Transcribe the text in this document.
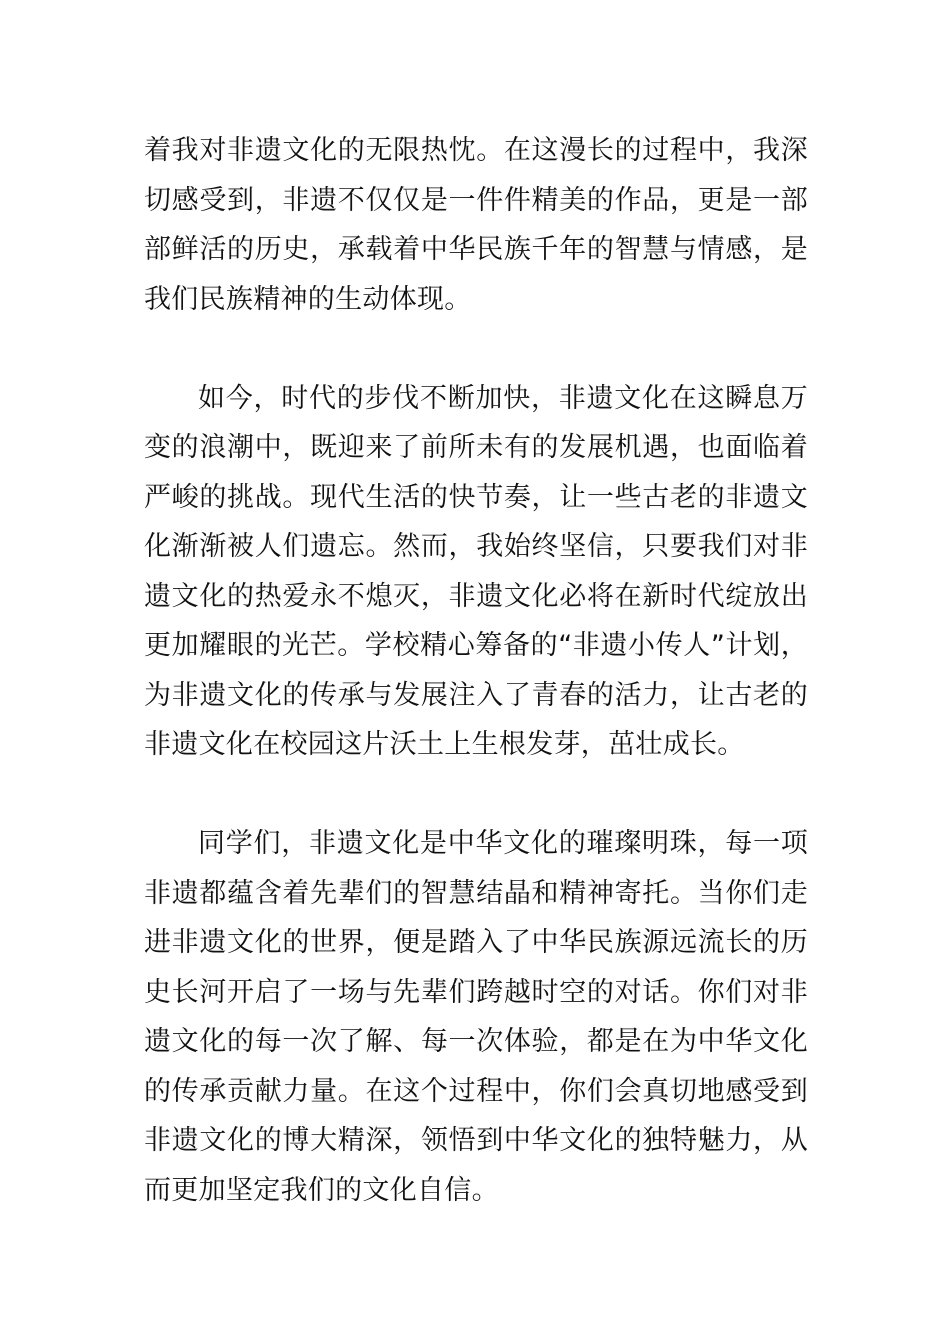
着我对非遗文化的无限热忱。在这漫长的过程中，我深切感受到，非遗不仅仅是一件件精美的作品，更是一部部鲜活的历史，承载着中华民族千年的智慧与情感，是我们民族精神的生动体现。

如今，时代的步伐不断加快，非遗文化在这瞬息万变的浪潮中，既迎来了前所未有的发展机遇，也面临着严峻的挑战。现代生活的快节奏，让一些古老的非遗文化渐渐被人们遗忘。然而，我始终坚信，只要我们对非遗文化的热爱永不熄灭，非遗文化必将在新时代绽放出更加耀眼的光芒。学校精心筹备的“非遗小传人”计划，为非遗文化的传承与发展注入了青春的活力，让古老的非遗文化在校园这片沃土上生根发芽，茁壮成长。

同学们，非遗文化是中华文化的璀璨明珠，每一项非遗都蕴含着先辈们的智慧结晶和精神寄托。当你们走进非遗文化的世界，便是踏入了中华民族源远流长的历史长河开启了一场与先辈们跨越时空的对话。你们对非遗文化的每一次了解、每一次体验，都是在为中华文化的传承贡献力量。在这个过程中，你们会真切地感受到非遗文化的博大精深，领悟到中华文化的独特魅力，从而更加坚定我们的文化自信。
